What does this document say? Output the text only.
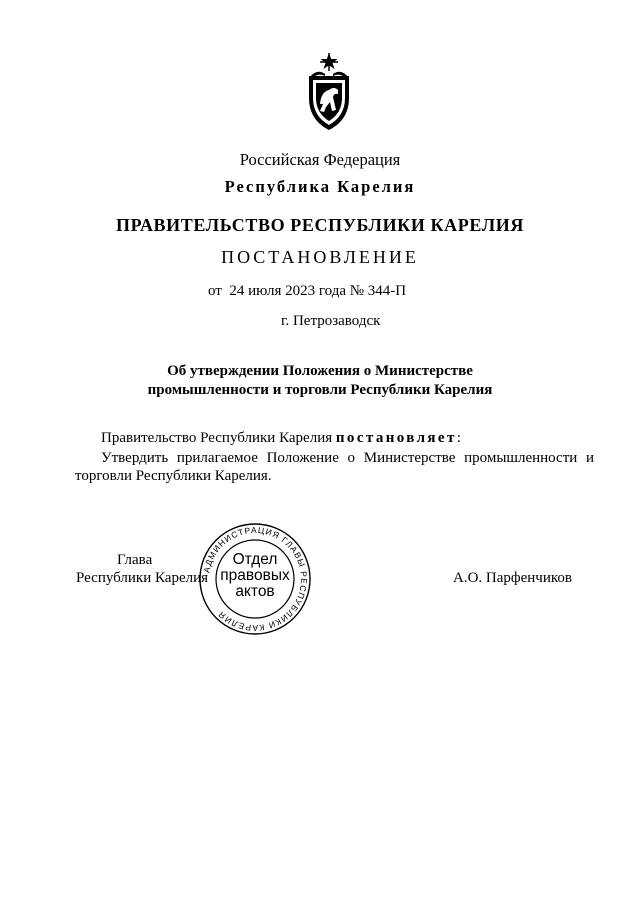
Российская Федерация
Республика Карелия
ПРАВИТЕЛЬСТВО РЕСПУБЛИКИ КАРЕЛИЯ
ПОСТАНОВЛЕНИЕ
от  24 июля 2023 года № 344-П
г. Петрозаводск
Об утверждении Положения о Министерстве
промышленности и торговли Республики Карелия
Правительство Республики Карелия постановляет:
Утвердить прилагаемое Положение о Министерстве промышленности и
торговли Республики Карелия.
Глава
Республики Карелия	А.О. Парфенчиков
АДМИНИСТРАЦИЯ ГЛАВЫ РЕСПУБЛИКИ КАРЕЛИЯ
Отдел
правовых
актов
